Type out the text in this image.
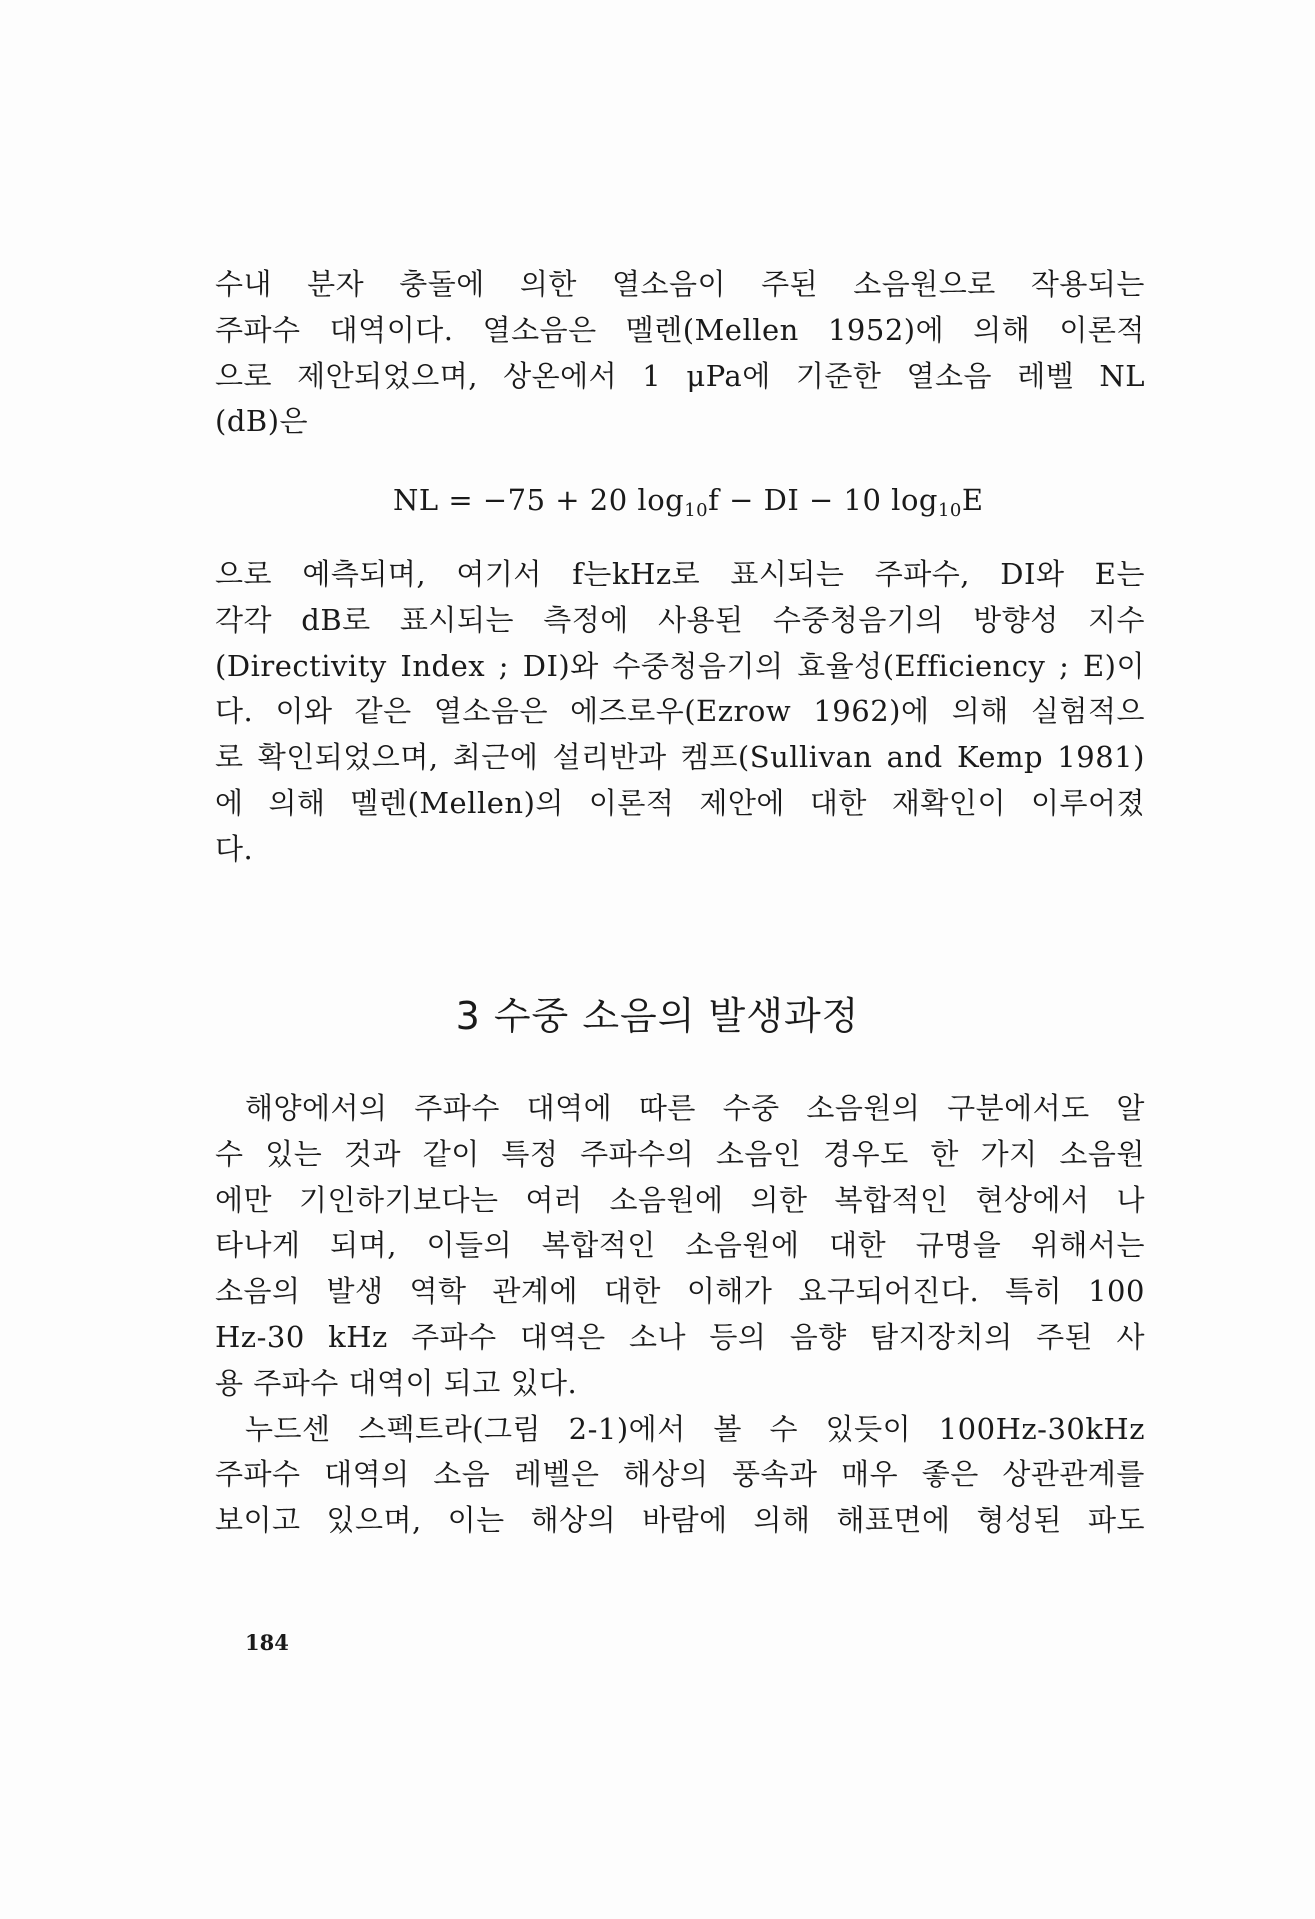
수내 분자 충돌에 의한 열소음이 주된 소음원으로 작용되는
주파수 대역이다. 열소음은 멜렌(Mellen 1952)에 의해 이론적
으로 제안되었으며, 상온에서 1 μPa에 기준한 열소음 레벨 NL
(dB)은
NL = −75 + 20 $\log_{10}f$ − DI − 10 $\log_{10}E$
으로 예측되며, 여기서 f는kHz로 표시되는 주파수, DI와 E는
각각 dB로 표시되는 측정에 사용된 수중청음기의 방향성 지수
(Directivity Index ; DI)와 수중청음기의 효율성(Efficiency ; E)이
다. 이와 같은 열소음은 에즈로우(Ezrow 1962)에 의해 실험적으
로 확인되었으며, 최근에 설리반과 켐프(Sullivan and Kemp 1981)
에 의해 멜렌(Mellen)의 이론적 제안에 대한 재확인이 이루어졌
다.
3 수중 소음의 발생과정
해양에서의 주파수 대역에 따른 수중 소음원의 구분에서도 알
수 있는 것과 같이 특정 주파수의 소음인 경우도 한 가지 소음원
에만 기인하기보다는 여러 소음원에 의한 복합적인 현상에서 나
타나게 되며, 이들의 복합적인 소음원에 대한 규명을 위해서는
소음의 발생 역학 관계에 대한 이해가 요구되어진다. 특히 100
Hz-30 kHz 주파수 대역은 소나 등의 음향 탐지장치의 주된 사
용 주파수 대역이 되고 있다.
누드센 스펙트라(그림 2-1)에서 볼 수 있듯이 100Hz-30kHz
주파수 대역의 소음 레벨은 해상의 풍속과 매우 좋은 상관관계를
보이고 있으며, 이는 해상의 바람에 의해 해표면에 형성된 파도
184
